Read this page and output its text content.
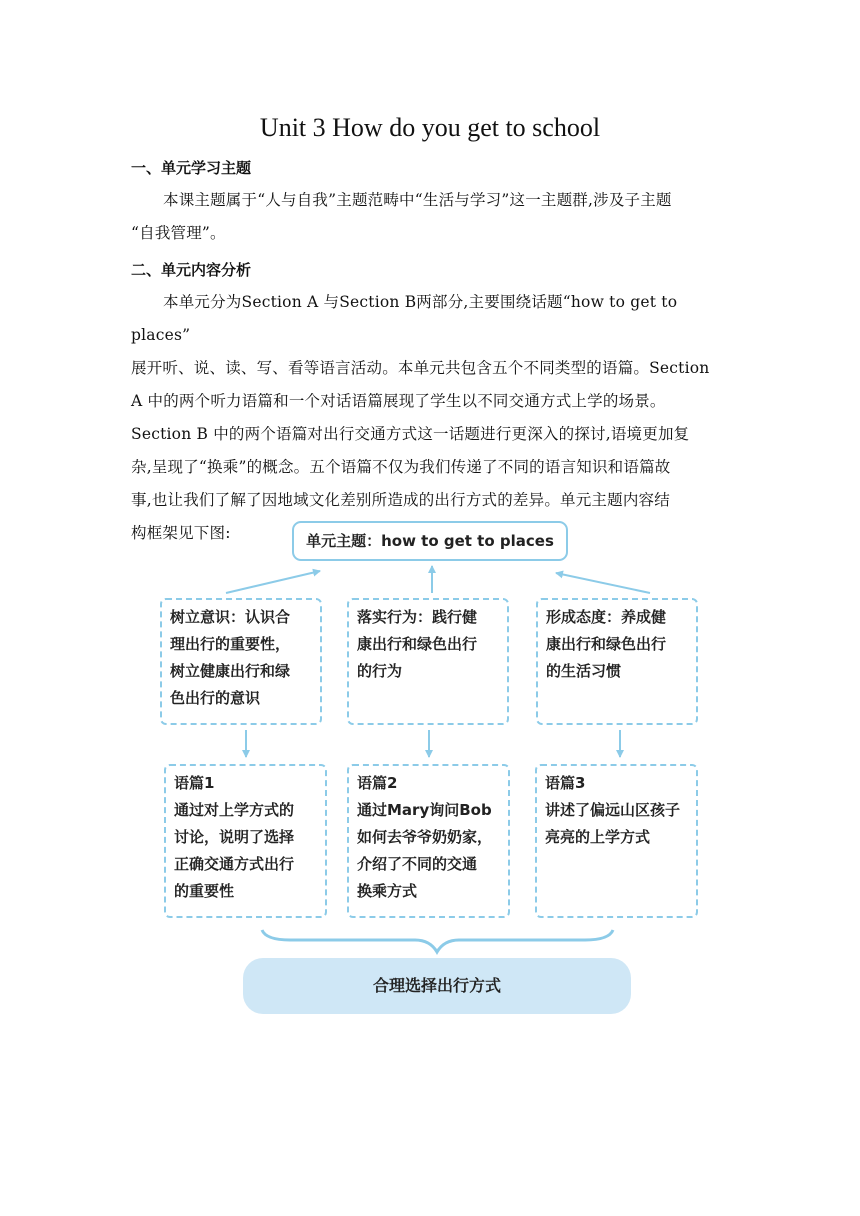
Unit 3 How do you get to school
一、单元学习主题
本课主题属于“人与自我”主题范畴中“生活与学习”这一主题群,涉及子主题
“自我管理”。
二、单元内容分析
本单元分为Section A 与Section B两部分,主要围绕话题“how to get to places”
展开听、说、读、写、看等语言活动。本单元共包含五个不同类型的语篇。Section
A 中的两个听力语篇和一个对话语篇展现了学生以不同交通方式上学的场景。
Section B 中的两个语篇对出行交通方式这一话题进行更深入的探讨,语境更加复
杂,呈现了“换乘”的概念。五个语篇不仅为我们传递了不同的语言知识和语篇故
事,也让我们了解了因地域文化差别所造成的出行方式的差异。单元主题内容结
构框架见下图:	单元主题：how to get to places
树立意识：认识合
理出行的重要性，
树立健康出行和绿
色出行的意识
落实行为：践行健
康出行和绿色出行
的行为
形成态度：养成健
康出行和绿色出行
的生活习惯
语篇1
通过对上学方式的
讨论，说明了选择
正确交通方式出行
的重要性
语篇2
通过Mary询问Bob
如何去爷爷奶奶家，
介绍了不同的交通
换乘方式
语篇3
讲述了偏远山区孩子
亮亮的上学方式
合理选择出行方式
